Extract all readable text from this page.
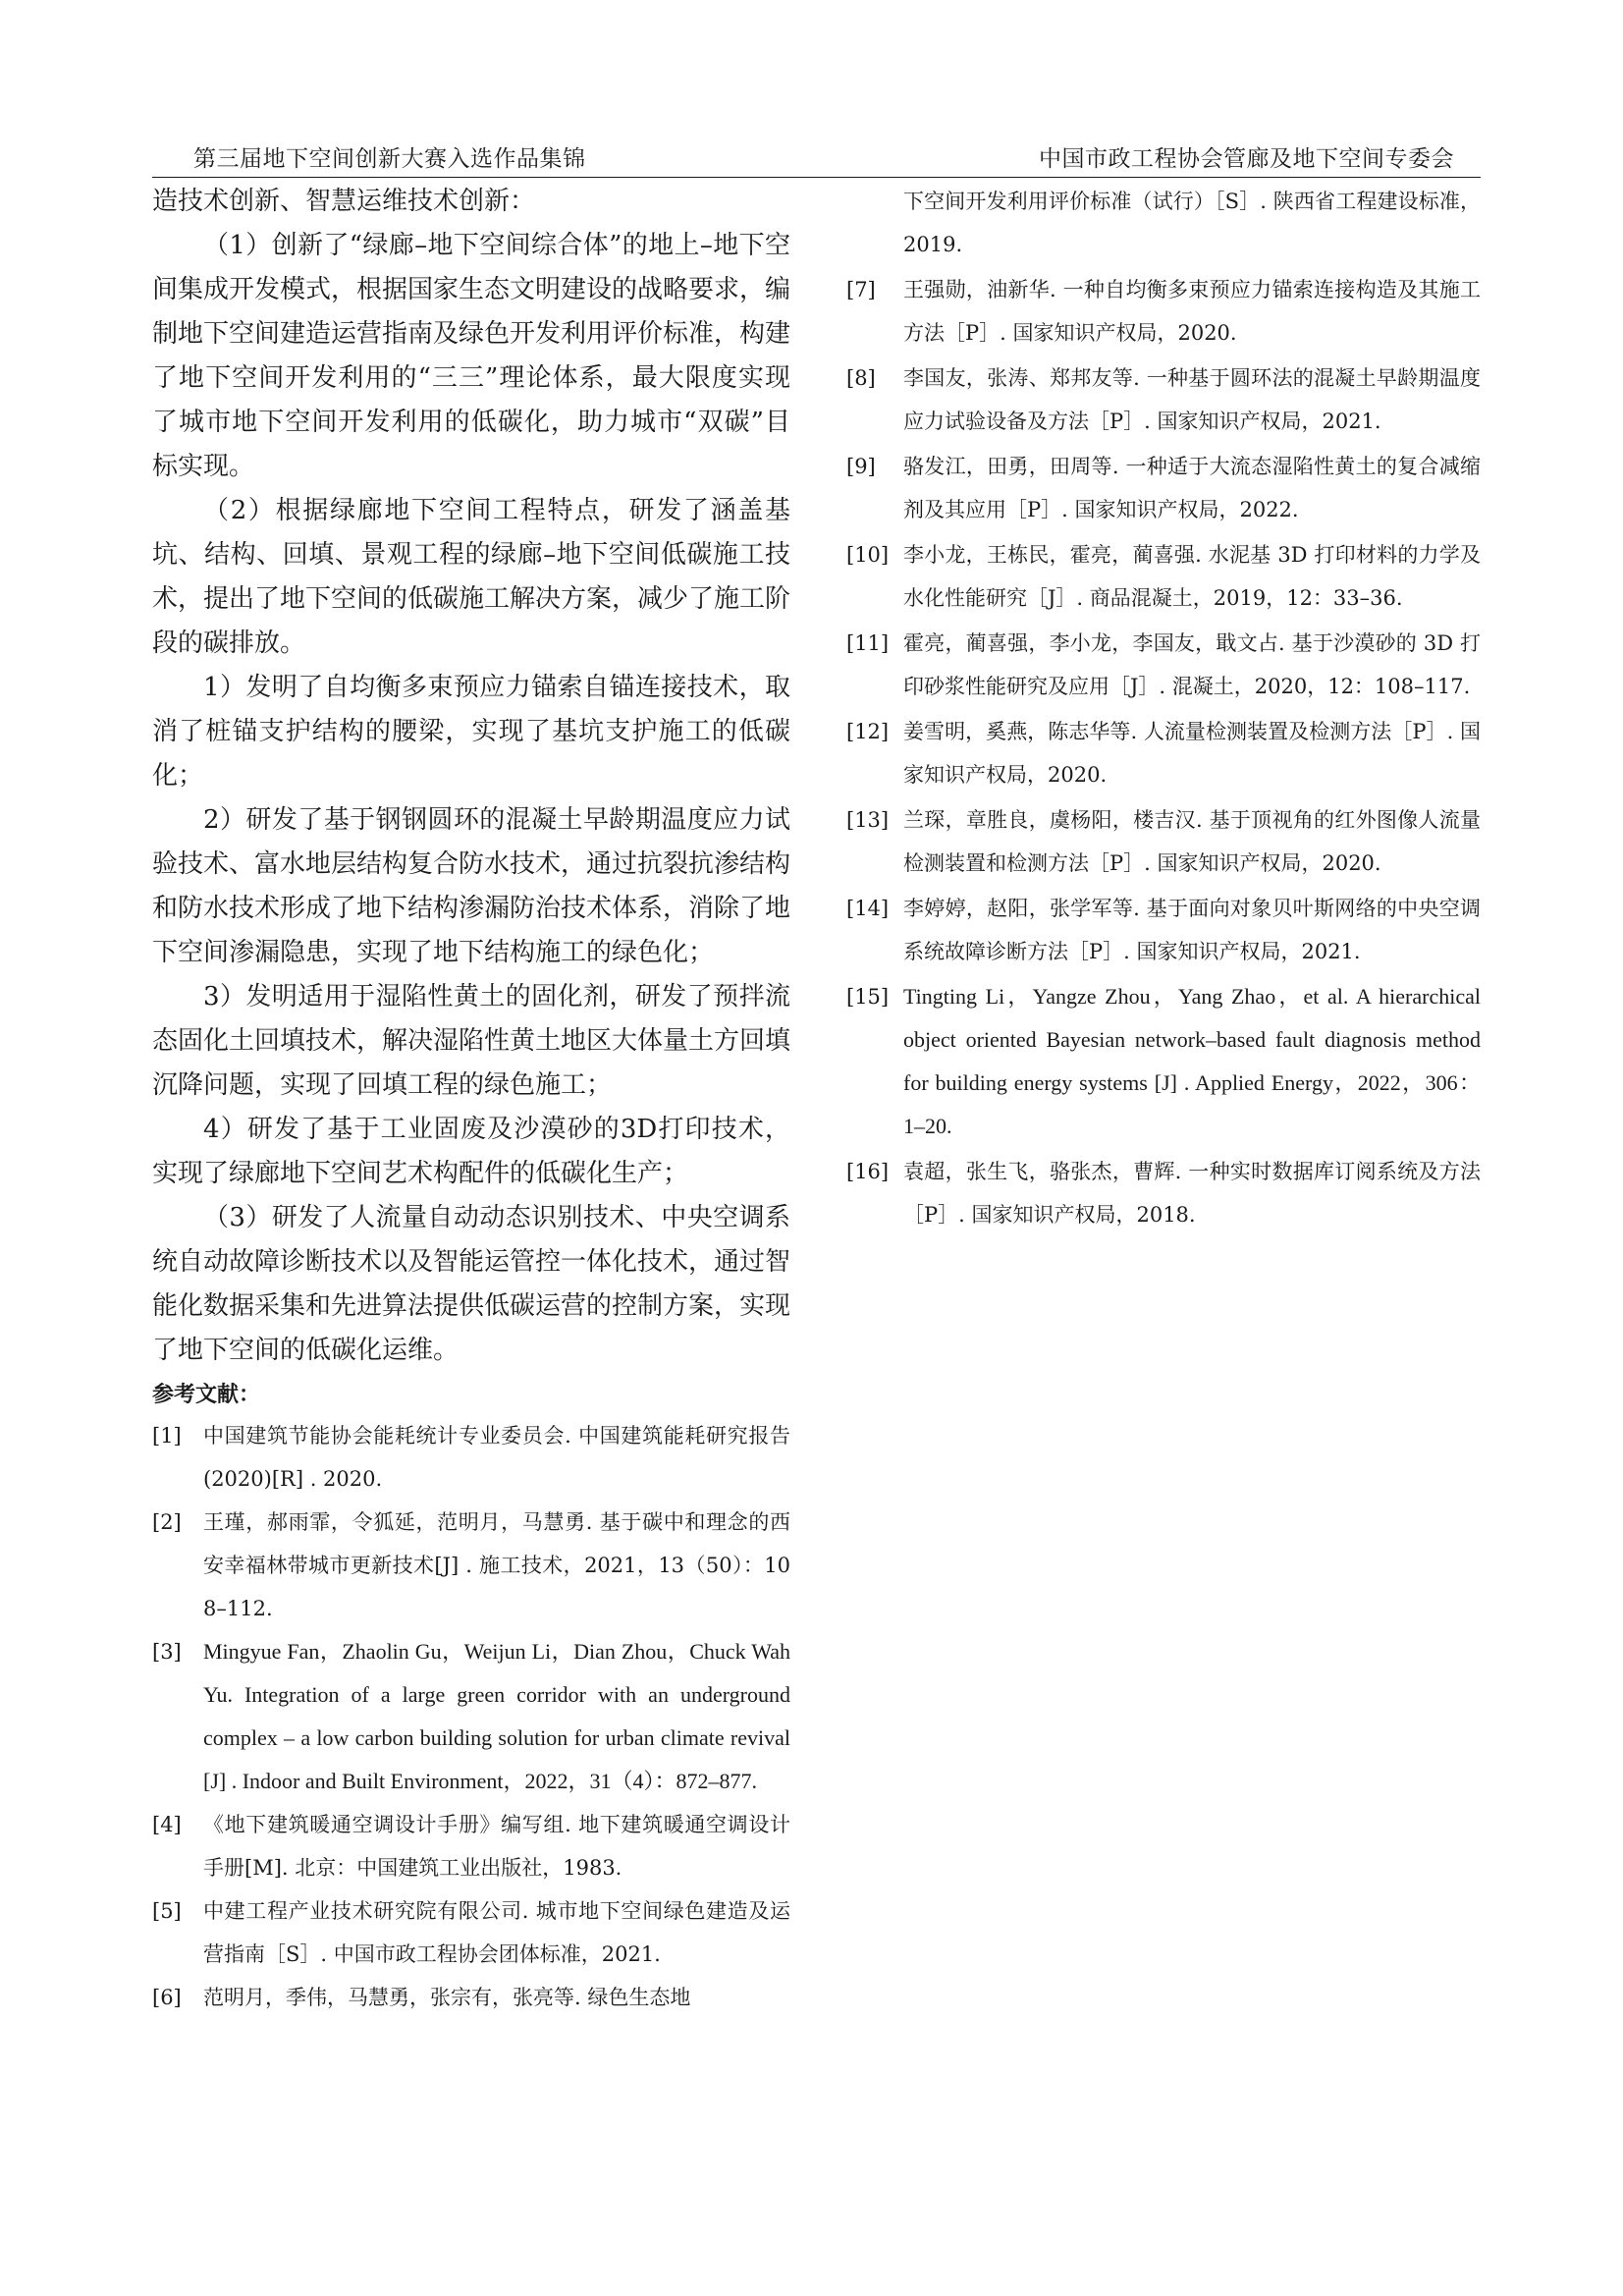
第三届地下空间创新大赛入选作品集锦	中国市政工程协会管廊及地下空间专委会

造技术创新、智慧运维技术创新：

（1）创新了“绿廊–地下空间综合体”的地上–地下空间集成开发模式，根据国家生态文明建设的战略要求，编制地下空间建造运营指南及绿色开发利用评价标准，构建了地下空间开发利用的“三三”理论体系，最大限度实现了城市地下空间开发利用的低碳化，助力城市“双碳”目标实现。

（2）根据绿廊地下空间工程特点，研发了涵盖基坑、结构、回填、景观工程的绿廊–地下空间低碳施工技术，提出了地下空间的低碳施工解决方案，减少了施工阶段的碳排放。

1）发明了自均衡多束预应力锚索自锚连接技术，取消了桩锚支护结构的腰梁，实现了基坑支护施工的低碳化；

2）研发了基于钢钢圆环的混凝土早龄期温度应力试验技术、富水地层结构复合防水技术，通过抗裂抗渗结构和防水技术形成了地下结构渗漏防治技术体系，消除了地下空间渗漏隐患，实现了地下结构施工的绿色化；

3）发明适用于湿陷性黄土的固化剂，研发了预拌流态固化土回填技术，解决湿陷性黄土地区大体量土方回填沉降问题，实现了回填工程的绿色施工；

4）研发了基于工业固废及沙漠砂的3D打印技术，实现了绿廊地下空间艺术构配件的低碳化生产；

（3）研发了人流量自动动态识别技术、中央空调系统自动故障诊断技术以及智能运管控一体化技术，通过智能化数据采集和先进算法提供低碳运营的控制方案，实现了地下空间的低碳化运维。

参考文献：

[1]	中国建筑节能协会能耗统计专业委员会. 中国建筑能耗研究报告(2020)[R] . 2020.
[2]	王瑾，郝雨霏，令狐延，范明月，马慧勇. 基于碳中和理念的西安幸福林带城市更新技术[J] . 施工技术，2021，13（50）：108–112.
[3]	Mingyue Fan，Zhaolin Gu，Weijun Li，Dian Zhou，Chuck Wah Yu. Integration of a large green corridor with an underground complex – a low carbon building solution for urban climate revival [J] . Indoor and Built Environment，2022，31（4）：872–877.
[4]	《地下建筑暖通空调设计手册》编写组. 地下建筑暖通空调设计手册[M]. 北京：中国建筑工业出版社，1983.
[5]	中建工程产业技术研究院有限公司. 城市地下空间绿色建造及运营指南［S］. 中国市政工程协会团体标准，2021.
[6]	范明月，季伟，马慧勇，张宗有，张亮等. 绿色生态地
下空间开发利用评价标准（试行）［S］. 陕西省工程建设标准，2019.
[7]	王强勋，油新华. 一种自均衡多束预应力锚索连接构造及其施工方法［P］. 国家知识产权局，2020.
[8]	李国友，张涛、郑邦友等. 一种基于圆环法的混凝土早龄期温度应力试验设备及方法［P］. 国家知识产权局，2021.
[9]	骆发江，田勇，田周等. 一种适于大流态湿陷性黄土的复合减缩剂及其应用［P］. 国家知识产权局，2022.
[10] 李小龙，王栋民，霍亮，蔺喜强. 水泥基 3D 打印材料的力学及水化性能研究［J］. 商品混凝土，2019，12：33–36.
[11] 霍亮，蔺喜强，李小龙，李国友，戢文占. 基于沙漠砂的 3D 打印砂浆性能研究及应用［J］. 混凝土，2020，12：108–117.
[12] 姜雪明，奚燕，陈志华等. 人流量检测装置及检测方法［P］. 国家知识产权局，2020.
[13] 兰琛，章胜良，虞杨阳，楼吉汉. 基于顶视角的红外图像人流量检测装置和检测方法［P］. 国家知识产权局，2020.
[14] 李婷婷，赵阳，张学军等. 基于面向对象贝叶斯网络的中央空调系统故障诊断方法［P］. 国家知识产权局，2021.
[15] Tingting Li，Yangze Zhou，Yang Zhao，et al. A hierarchical object oriented Bayesian network–based fault diagnosis method for building energy systems [J] . Applied Energy，2022，306：1–20.
[16] 袁超，张生飞，骆张杰，曹辉. 一种实时数据库订阅系统及方法［P］. 国家知识产权局，2018.
